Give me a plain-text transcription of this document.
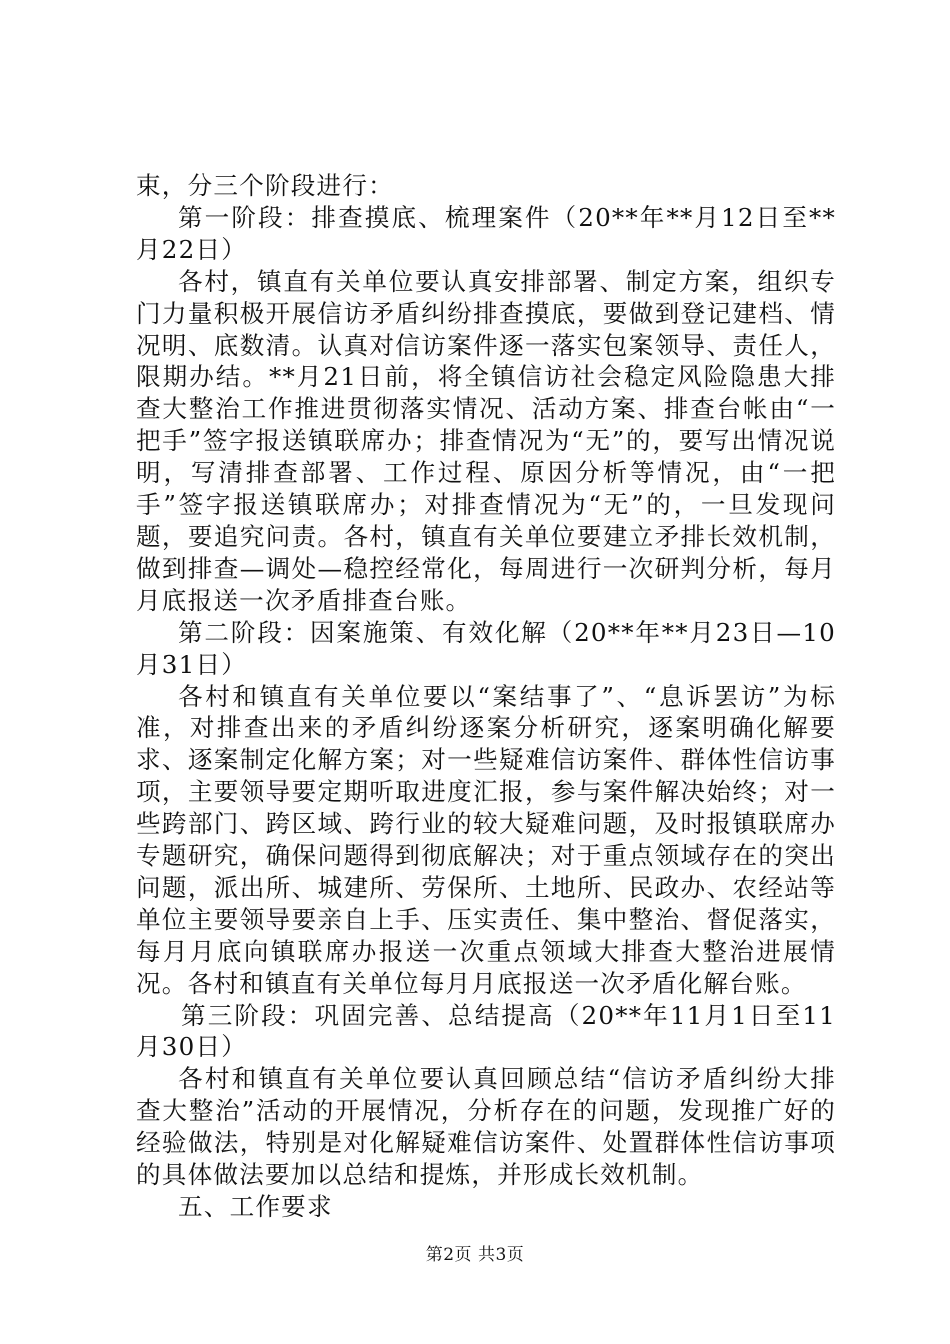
束，分三个阶段进行：

第一阶段：排查摸底、梳理案件（20**年**月12日至**月22日）

各村，镇直有关单位要认真安排部署、制定方案，组织专门力量积极开展信访矛盾纠纷排查摸底，要做到登记建档、情况明、底数清。认真对信访案件逐一落实包案领导、责任人，限期办结。**月21日前，将全镇信访社会稳定风险隐患大排查大整治工作推进贯彻落实情况、活动方案、排查台帐由“一把手”签字报送镇联席办；排查情况为“无”的，要写出情况说明，写清排查部署、工作过程、原因分析等情况，由“一把手”签字报送镇联席办；对排查情况为“无”的，一旦发现问题，要追究问责。各村，镇直有关单位要建立矛排长效机制，做到排查—调处—稳控经常化，每周进行一次研判分析，每月月底报送一次矛盾排查台账。

第二阶段：因案施策、有效化解（20**年**月23日—10月31日）

各村和镇直有关单位要以“案结事了”、“息诉罢访”为标准，对排查出来的矛盾纠纷逐案分析研究，逐案明确化解要求、逐案制定化解方案；对一些疑难信访案件、群体性信访事项，主要领导要定期听取进度汇报，参与案件解决始终；对一些跨部门、跨区域、跨行业的较大疑难问题，及时报镇联席办专题研究，确保问题得到彻底解决；对于重点领域存在的突出问题，派出所、城建所、劳保所、土地所、民政办、农经站等单位主要领导要亲自上手、压实责任、集中整治、督促落实，每月月底向镇联席办报送一次重点领域大排查大整治进展情况。各村和镇直有关单位每月月底报送一次矛盾化解台账。

第三阶段：巩固完善、总结提高（20**年11月1日至11月30日）

各村和镇直有关单位要认真回顾总结“信访矛盾纠纷大排查大整治”活动的开展情况，分析存在的问题，发现推广好的经验做法，特别是对化解疑难信访案件、处置群体性信访事项的具体做法要加以总结和提炼，并形成长效机制。

五、工作要求

第2页 共3页
